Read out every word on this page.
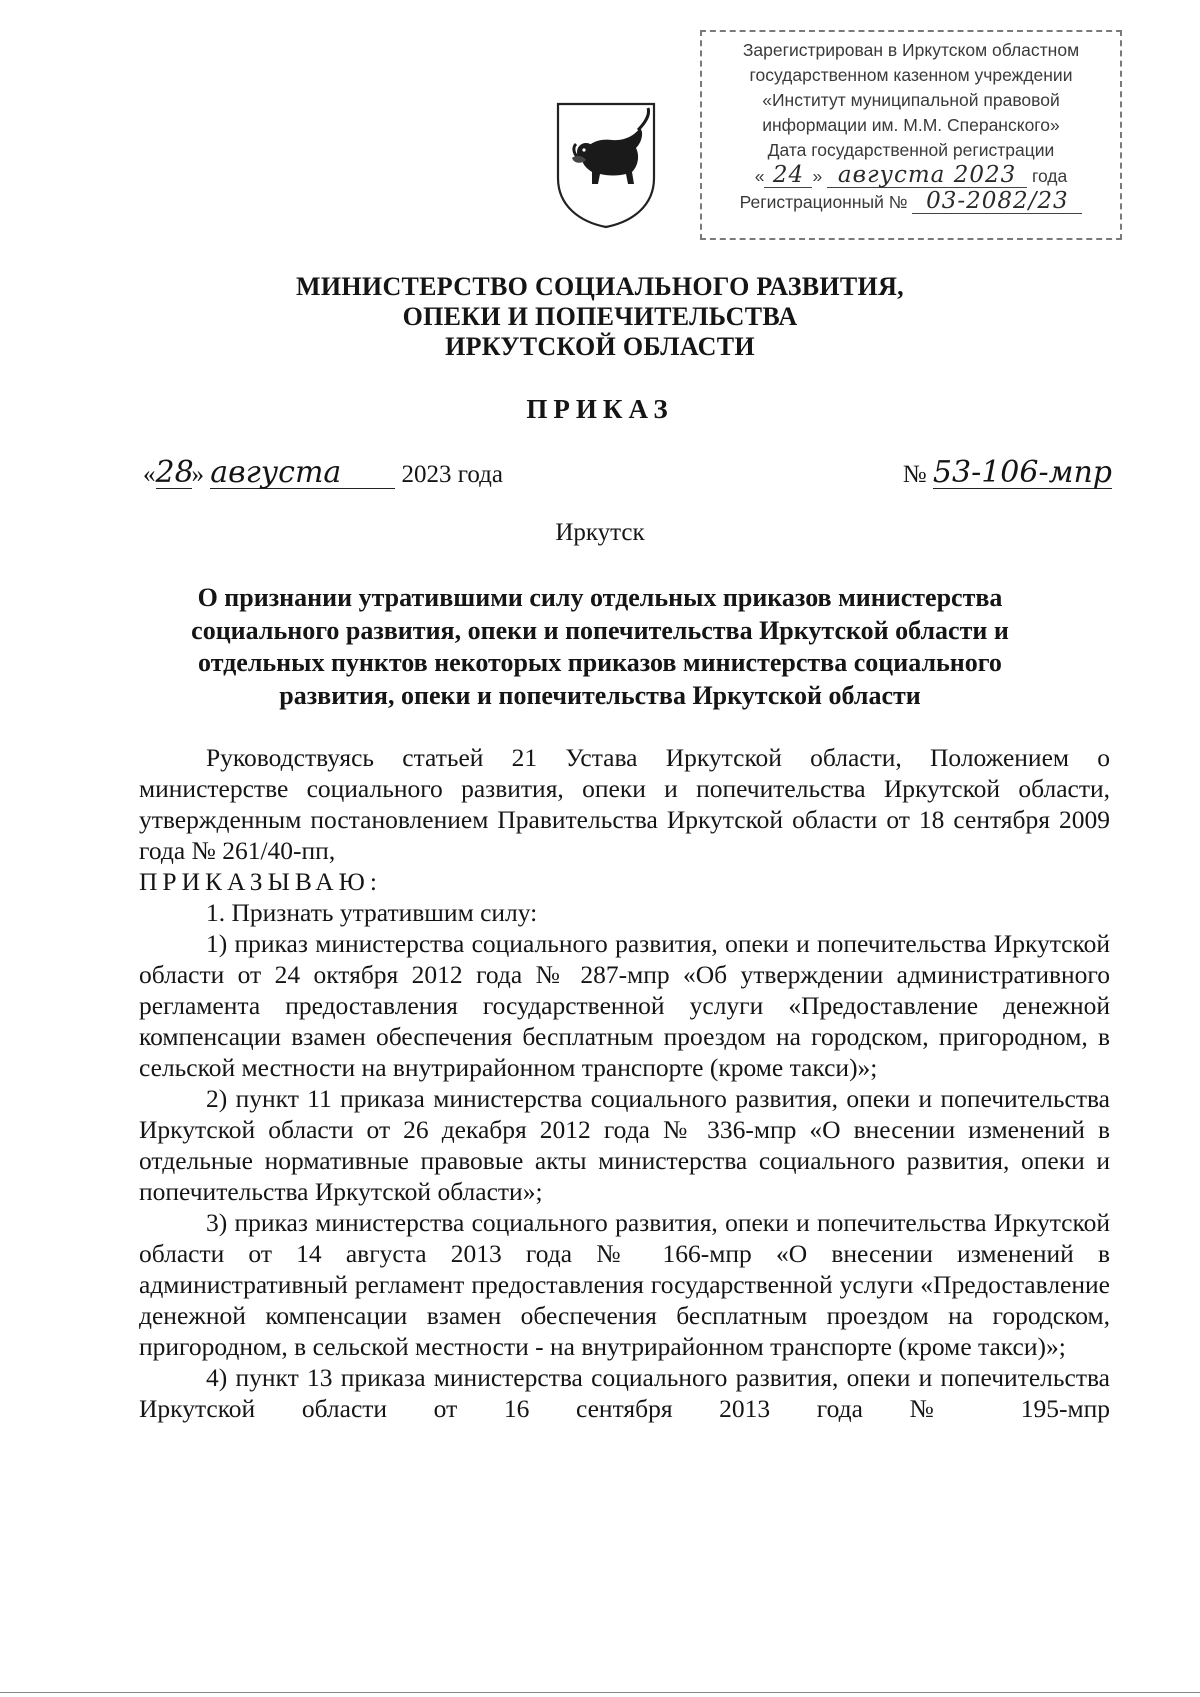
Зарегистрирован в Иркутском областном
государственном казенном учреждении
«Институт муниципальной правовой
информации им. М.М. Сперанского»
Дата государственной регистрации
« 24 » августа 2023 года
Регистрационный № 03-2082/23
МИНИСТЕРСТВО СОЦИАЛЬНОГО РАЗВИТИЯ,
ОПЕКИ И ПОПЕЧИТЕЛЬСТВА
ИРКУТСКОЙ ОБЛАСТИ
ПРИКАЗ
«28» августа 2023 года	№ 53-106-мпр
Иркутск
О признании утратившими силу отдельных приказов министерства социального развития, опеки и попечительства Иркутской области и отдельных пунктов некоторых приказов министерства социального развития, опеки и попечительства Иркутской области

Руководствуясь статьей 21 Устава Иркутской области, Положением о министерстве социального развития, опеки и попечительства Иркутской области, утвержденным постановлением Правительства Иркутской области от 18 сентября 2009 года № 261/40-пп,

ПРИКАЗЫВАЮ:

1. Признать утратившим силу:

1) приказ министерства социального развития, опеки и попечительства Иркутской области от 24 октября 2012 года № 287-мпр «Об утверждении административного регламента предоставления государственной услуги «Предоставление денежной компенсации взамен обеспечения бесплатным проездом на городском, пригородном, в сельской местности на внутрирайонном транспорте (кроме такси)»;

2) пункт 11 приказа министерства социального развития, опеки и попечительства Иркутской области от 26 декабря 2012 года № 336-мпр «О внесении изменений в отдельные нормативные правовые акты министерства социального развития, опеки и попечительства Иркутской области»;

3) приказ министерства социального развития, опеки и попечительства Иркутской области от 14 августа 2013 года № 166-мпр «О внесении изменений в административный регламент предоставления государственной услуги «Предоставление денежной компенсации взамен обеспечения бесплатным проездом на городском, пригородном, в сельской местности - на внутрирайонном транспорте (кроме такси)»;

4) пункт 13 приказа министерства социального развития, опеки и попечительства Иркутской области от 16 сентября 2013 года № 195-мпр
